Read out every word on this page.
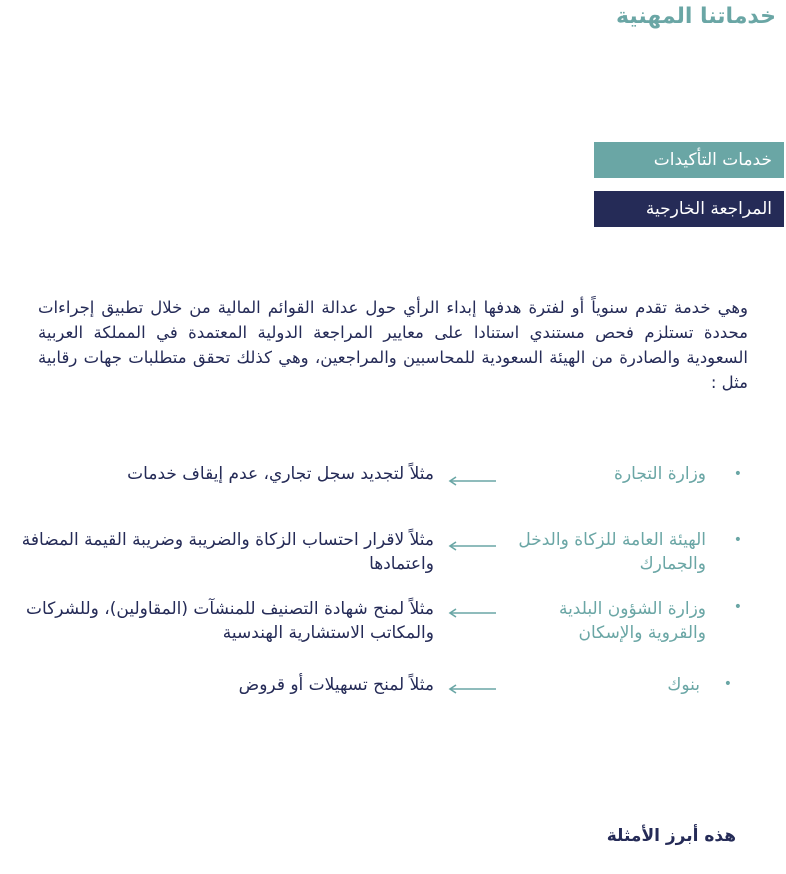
خدماتنا المهنية
خدمات التأكيدات
المراجعة الخارجية
وهي خدمة تقدم سنوياً أو لفترة هدفها إبداء الرأي حول عدالة القوائم المالية من خلال تطبيق إجراءات محددة تستلزم فحص مستندي استنادا على معايير المراجعة الدولية المعتمدة في المملكة العربية السعودية والصادرة من الهيئة السعودية للمحاسبين والمراجعين، وهي كذلك تحقق متطلبات جهات رقابية مثل :
•
وزارة التجارة
مثلاً لتجديد سجل تجاري، عدم إيقاف خدمات
•
الهيئة العامة للزكاة والدخل والجمارك
مثلاً لاقرار احتساب الزكاة والضريبة وضريبة القيمة المضافة واعتمادها
•
وزارة الشؤون البلدية والقروية والإسكان
مثلاً لمنح شهادة التصنيف للمنشآت (المقاولين)، وللشركات والمكاتب الاستشارية الهندسية
•
بنوك
مثلاً لمنح تسهيلات أو قروض
هذه أبرز الأمثلة
